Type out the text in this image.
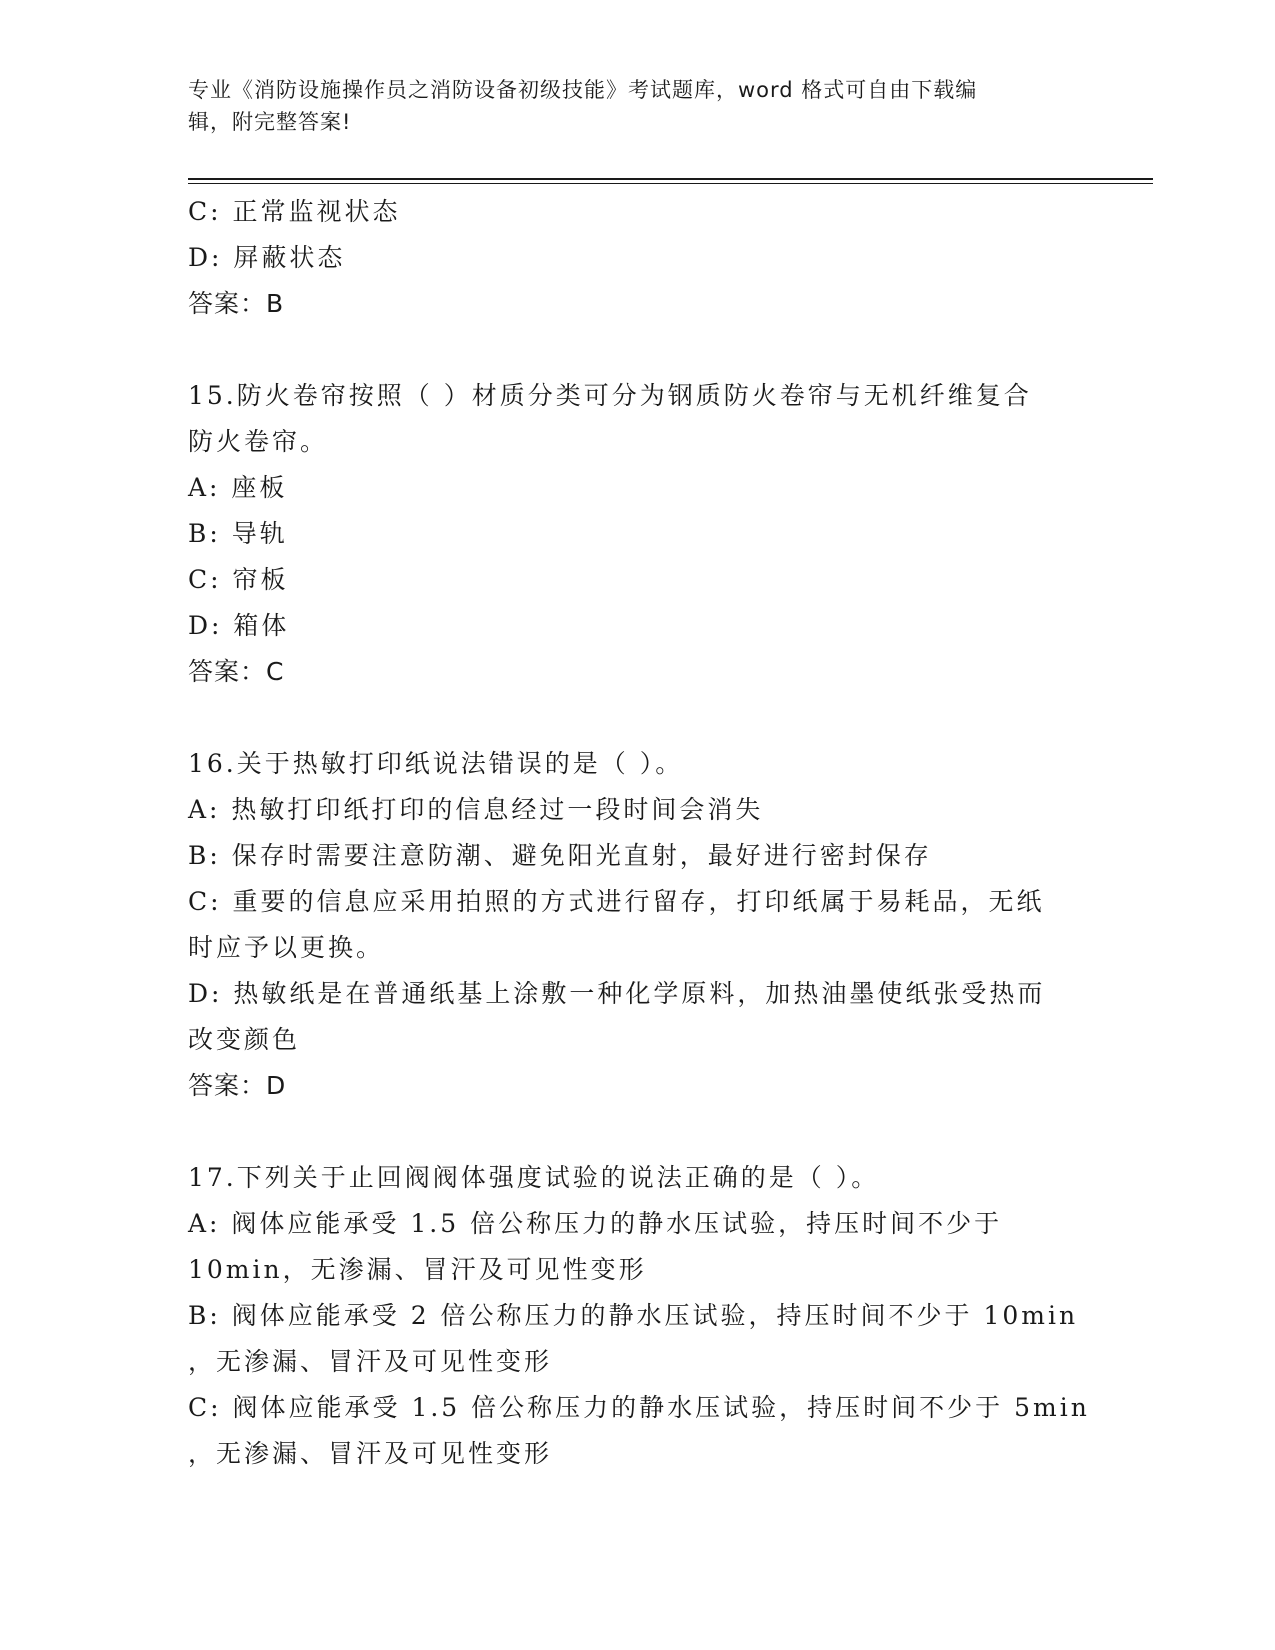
专业《消防设施操作员之消防设备初级技能》考试题库，word 格式可自由下载编
辑，附完整答案!
C: 正常监视状态
D: 屏蔽状态
答案：B
15.防火卷帘按照（ ）材质分类可分为钢质防火卷帘与无机纤维复合
防火卷帘。
A: 座板
B: 导轨
C: 帘板
D: 箱体
答案：C
16.关于热敏打印纸说法错误的是（ ）。
A: 热敏打印纸打印的信息经过一段时间会消失
B: 保存时需要注意防潮、避免阳光直射，最好进行密封保存
C: 重要的信息应采用拍照的方式进行留存，打印纸属于易耗品，无纸
时应予以更换。
D: 热敏纸是在普通纸基上涂敷一种化学原料，加热油墨使纸张受热而
改变颜色
答案：D
17.下列关于止回阀阀体强度试验的说法正确的是（ ）。
A: 阀体应能承受 1.5 倍公称压力的静水压试验，持压时间不少于
10min，无渗漏、冒汗及可见性变形
B: 阀体应能承受 2 倍公称压力的静水压试验，持压时间不少于 10min
，无渗漏、冒汗及可见性变形
C: 阀体应能承受 1.5 倍公称压力的静水压试验，持压时间不少于 5min
，无渗漏、冒汗及可见性变形
